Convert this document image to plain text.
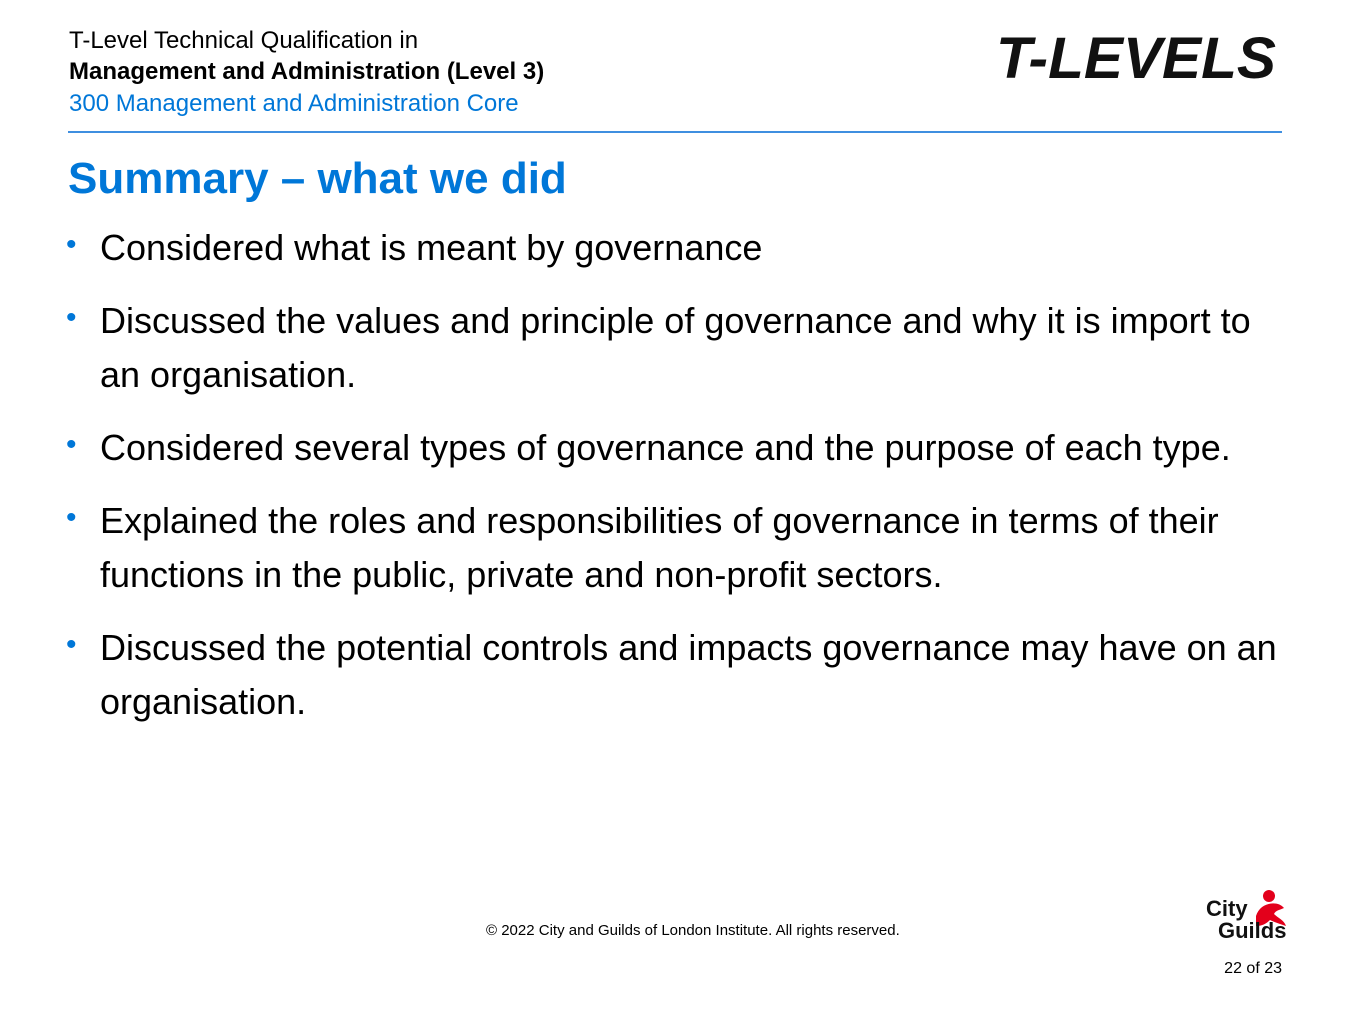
T-Level Technical Qualification in
Management and Administration (Level 3)
300 Management and Administration Core
T-LEVELS
Summary – what we did
• Considered what is meant by governance
• Discussed the values and principle of governance and why it is import to an organisation.
• Considered several types of governance and the purpose of each type.
• Explained the roles and responsibilities of governance in terms of their functions in the public, private and non-profit sectors.
• Discussed the potential controls and impacts governance may have on an organisation.
© 2022 City and Guilds of London Institute. All rights reserved.
City
Guilds
22 of 23
